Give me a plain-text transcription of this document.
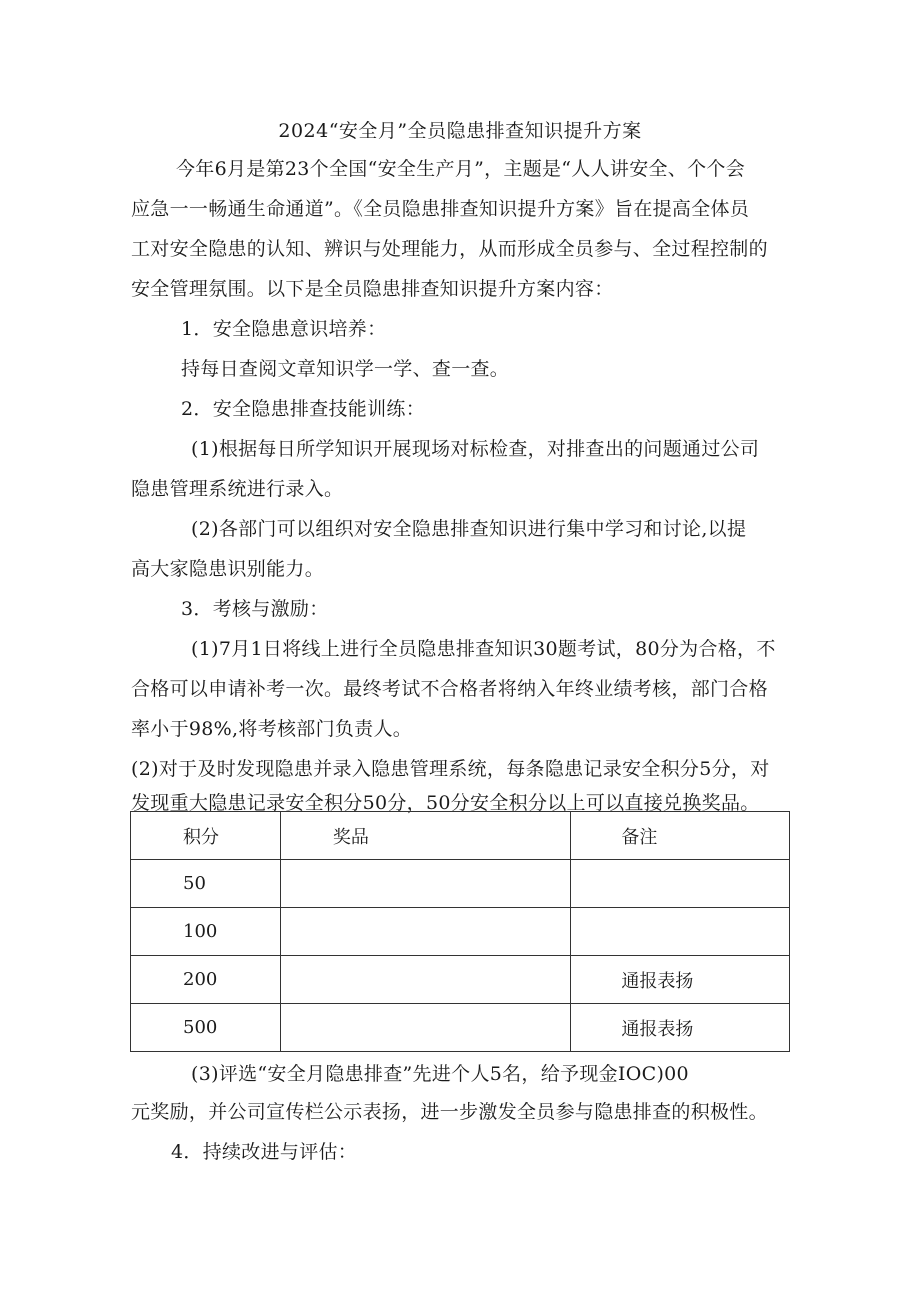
2024“安全月”全员隐患排查知识提升方案
今年6月是第23个全国“安全生产月”，主题是“人人讲安全、个个会
应急一一畅通生命通道”。《全员隐患排查知识提升方案》旨在提高全体员
工对安全隐患的认知、辨识与处理能力，从而形成全员参与、全过程控制的
安全管理氛围。以下是全员隐患排查知识提升方案内容：
1．安全隐患意识培养：
持每日查阅文章知识学一学、查一查。
2．安全隐患排查技能训练：
(1)根据每日所学知识开展现场对标检查，对排查出的问题通过公司
隐患管理系统进行录入。
(2)各部门可以组织对安全隐患排查知识进行集中学习和讨论,以提
高大家隐患识别能力。
3．考核与激励：
(1)7月1日将线上进行全员隐患排查知识30题考试，80分为合格，不
合格可以申请补考一次。最终考试不合格者将纳入年终业绩考核，部门合格
率小于98%,将考核部门负责人。
(2)对于及时发现隐患并录入隐患管理系统，每条隐患记录安全积分5分，对
发现重大隐患记录安全积分50分，50分安全积分以上可以直接兑换奖品。
积分	奖品	备注
50		
100		
200		通报表扬
500		通报表扬
(3)评选“安全月隐患排查”先进个人5名，给予现金IOC)00
元奖励，并公司宣传栏公示表扬，进一步激发全员参与隐患排查的积极性。
4．持续改进与评估：
